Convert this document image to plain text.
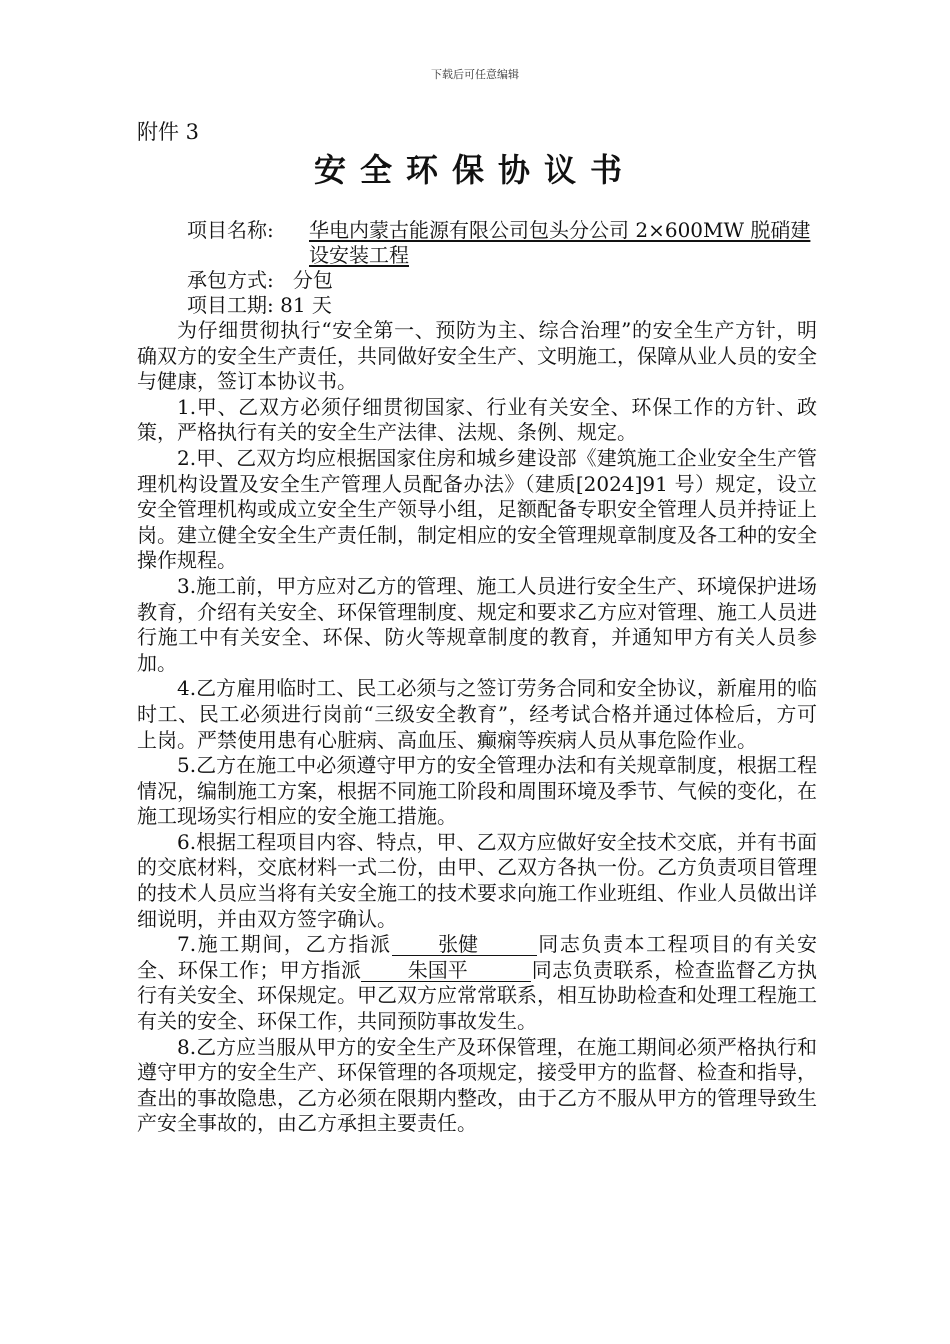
下载后可任意编辑
附件 3
安全环保协议书
项目名称: 华电内蒙古能源有限公司包头分公司 2×600MW 脱硝建设安装工程
承包方式: 分包
项目工期: 81 天

为仔细贯彻执行“安全第一、预防为主、综合治理”的安全生产方针，明确双方的安全生产责任，共同做好安全生产、文明施工，保障从业人员的安全与健康，签订本协议书。

1.甲、乙双方必须仔细贯彻国家、行业有关安全、环保工作的方针、政策，严格执行有关的安全生产法律、法规、条例、规定。

2.甲、乙双方均应根据国家住房和城乡建设部《建筑施工企业安全生产管理机构设置及安全生产管理人员配备办法》（建质[2024]91 号）规定，设立安全管理机构或成立安全生产领导小组，足额配备专职安全管理人员并持证上岗。建立健全安全生产责任制，制定相应的安全管理规章制度及各工种的安全操作规程。

3.施工前，甲方应对乙方的管理、施工人员进行安全生产、环境保护进场教育，介绍有关安全、环保管理制度、规定和要求乙方应对管理、施工人员进行施工中有关安全、环保、防火等规章制度的教育，并通知甲方有关人员参加。

4.乙方雇用临时工、民工必须与之签订劳务合同和安全协议，新雇用的临时工、民工必须进行岗前“三级安全教育”，经考试合格并通过体检后，方可上岗。严禁使用患有心脏病、高血压、癫痫等疾病人员从事危险作业。

5.乙方在施工中必须遵守甲方的安全管理办法和有关规章制度，根据工程情况，编制施工方案，根据不同施工阶段和周围环境及季节、气候的变化，在施工现场实行相应的安全施工措施。

6.根据工程项目内容、特点，甲、乙双方应做好安全技术交底，并有书面的交底材料，交底材料一式二份，由甲、乙双方各执一份。乙方负责项目管理的技术人员应当将有关安全施工的技术要求向施工作业班组、作业人员做出详细说明，并由双方签字确认。

7.施工期间，乙方指派 张健	同志负责本工程项目的有关安全、环保工作；甲方指派 朱国平	同志负责联系，检查监督乙方执行有关安全、环保规定。甲乙双方应常常联系，相互协助检查和处理工程施工有关的安全、环保工作，共同预防事故发生。

8.乙方应当服从甲方的安全生产及环保管理，在施工期间必须严格执行和遵守甲方的安全生产、环保管理的各项规定，接受甲方的监督、检查和指导，查出的事故隐患，乙方必须在限期内整改，由于乙方不服从甲方的管理导致生产安全事故的，由乙方承担主要责任。
